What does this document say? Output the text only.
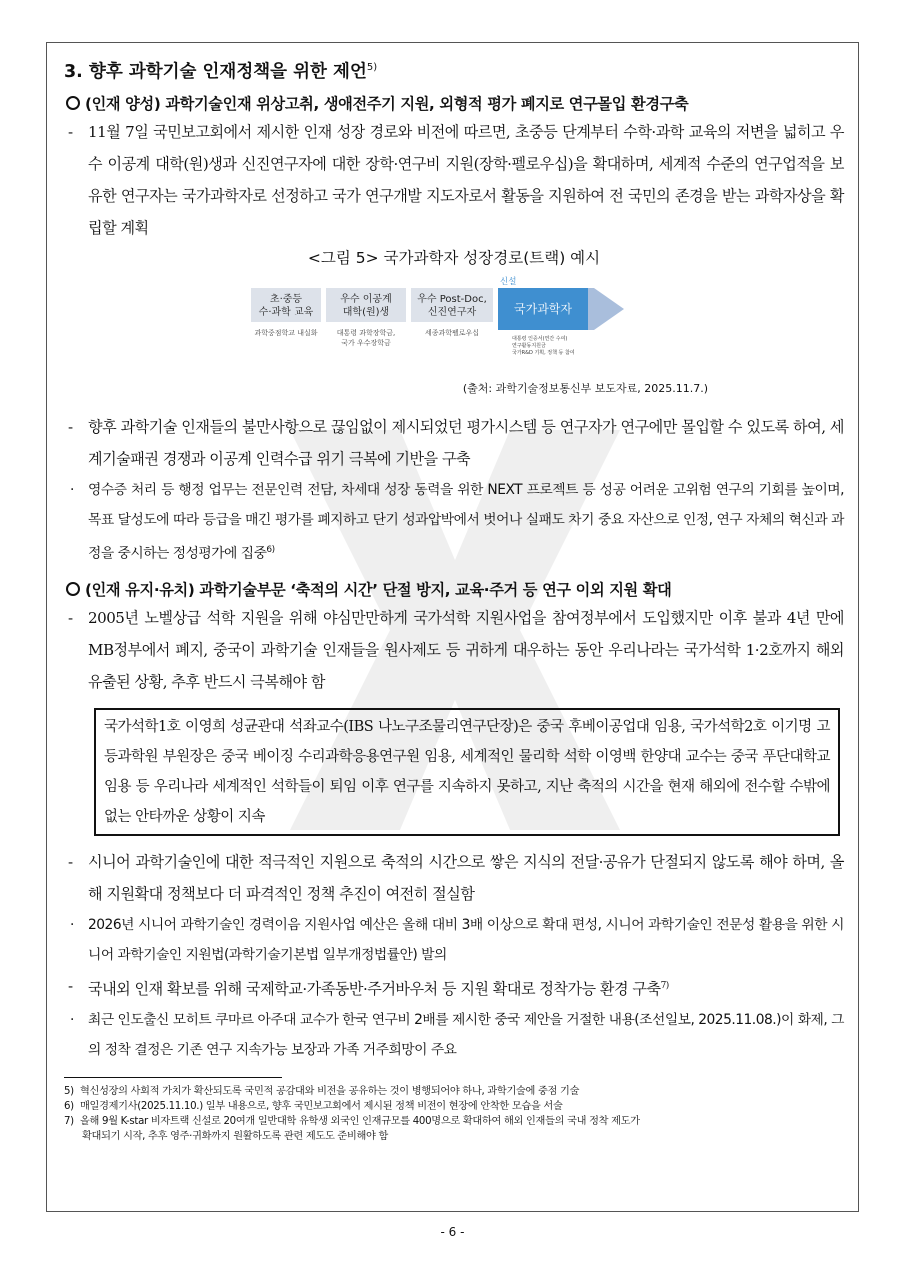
3. 향후 과학기술 인재정책을 위한 제언$^{5)}$

(인재 양성) 과학기술인재 위상고취, 생애전주기 지원, 외형적 평가 폐지로 연구몰입 환경구축

- 11월 7일 국민보고회에서 제시한 인재 성장 경로와 비전에 따르면, 초중등 단계부터 수학·과학 교육의 저변을 넓히고 우수 이공계 대학(원)생과 신진연구자에 대한 장학·연구비 지원(장학·펠로우십)을 확대하며, 세계적 수준의 연구업적을 보유한 연구자는 국가과학자로 선정하고 국가 연구개발 지도자로서 활동을 지원하여 전 국민의 존경을 받는 과학자상을 확립할 계획

<그림 5> 국가과학자 성장경로(트랙) 예시

초·중등
수·과학 교육
우수 이공계
대학(원)생
우수 Post-Doc,
신진연구자	국가과학자
신설
과학중점학교 내실화	대통령 과학장학금,
국가 우수장학금
세종과학펠로우십
대통령 인증서(연간 수여)
연구활동지원금
국가R&D 기획, 정책 등 참여
(출처: 과학기술정보통신부 보도자료, 2025.11.7.)

- 향후 과학기술 인재들의 불만사항으로 끊임없이 제시되었던 평가시스템 등 연구자가 연구에만 몰입할 수 있도록 하여, 세계기술패권 경쟁과 이공계 인력수급 위기 극복에 기반을 구축

· 영수증 처리 등 행정 업무는 전문인력 전담, 차세대 성장 동력을 위한 NEXT 프로젝트 등 성공 어려운 고위험 연구의 기회를 높이며, 목표 달성도에 따라 등급을 매긴 평가를 폐지하고 단기 성과압박에서 벗어나 실패도 차기 중요 자산으로 인정, 연구 자체의 혁신과 과정을 중시하는 정성평가에 집중$^{6)}$

(인재 유지·유치) 과학기술부문 ‘축적의 시간’ 단절 방지, 교육·주거 등 연구 이외 지원 확대

- 2005년 노벨상급 석학 지원을 위해 야심만만하게 국가석학 지원사업을 참여정부에서 도입했지만 이후 불과 4년 만에 MB정부에서 폐지, 중국이 과학기술 인재들을 원사제도 등 귀하게 대우하는 동안 우리나라는 국가석학 1·2호까지 해외 유출된 상황, 추후 반드시 극복해야 함

국가석학1호 이영희 성균관대 석좌교수(IBS 나노구조물리연구단장)은 중국 후베이공업대 임용, 국가석학2호 이기명 고등과학원 부원장은 중국 베이징 수리과학응용연구원 임용, 세계적인 물리학 석학 이영백 한양대 교수는 중국 푸단대학교 임용 등 우리나라 세계적인 석학들이 퇴임 이후 연구를 지속하지 못하고, 지난 축적의 시간을 현재 해외에 전수할 수밖에 없는 안타까운 상황이 지속

- 시니어 과학기술인에 대한 적극적인 지원으로 축적의 시간으로 쌓은 지식의 전달·공유가 단절되지 않도록 해야 하며, 올해 지원확대 정책보다 더 파격적인 정책 추진이 여전히 절실함

· 2026년 시니어 과학기술인 경력이음 지원사업 예산은 올해 대비 3배 이상으로 확대 편성, 시니어 과학기술인 전문성 활용을 위한 시니어 과학기술인 지원법(과학기술기본법 일부개정법률안) 발의

- 국내외 인재 확보를 위해 국제학교·가족동반·주거바우처 등 지원 확대로 정착가능 환경 구축$^{7)}$

· 최근 인도출신 모히트 쿠마르 아주대 교수가 한국 연구비 2배를 제시한 중국 제안을 거절한 내용(조선일보, 2025.11.08.)이 화제, 그의 정착 결정은 기존 연구 지속가능 보장과 가족 거주희망이 주요

5) 혁신성장의 사회적 가치가 확산되도록 국민적 공감대와 비전을 공유하는 것이 병행되어야 하나, 과학기술에 중점 기술

6) 매일경제기사(2025.11.10.) 일부 내용으로, 향후 국민보고회에서 제시된 정책 비전이 현장에 안착한 모습을 서술

7) 올해 9월 K-star 비자트랙 신설로 20여개 일반대학 유학생 외국인 인재규모를 400명으로 확대하여 해외 인재들의 국내 정착 제도가

확대되기 시작, 추후 영주·귀화까지 원활하도록 관련 제도도 준비해야 함

- 6 -
